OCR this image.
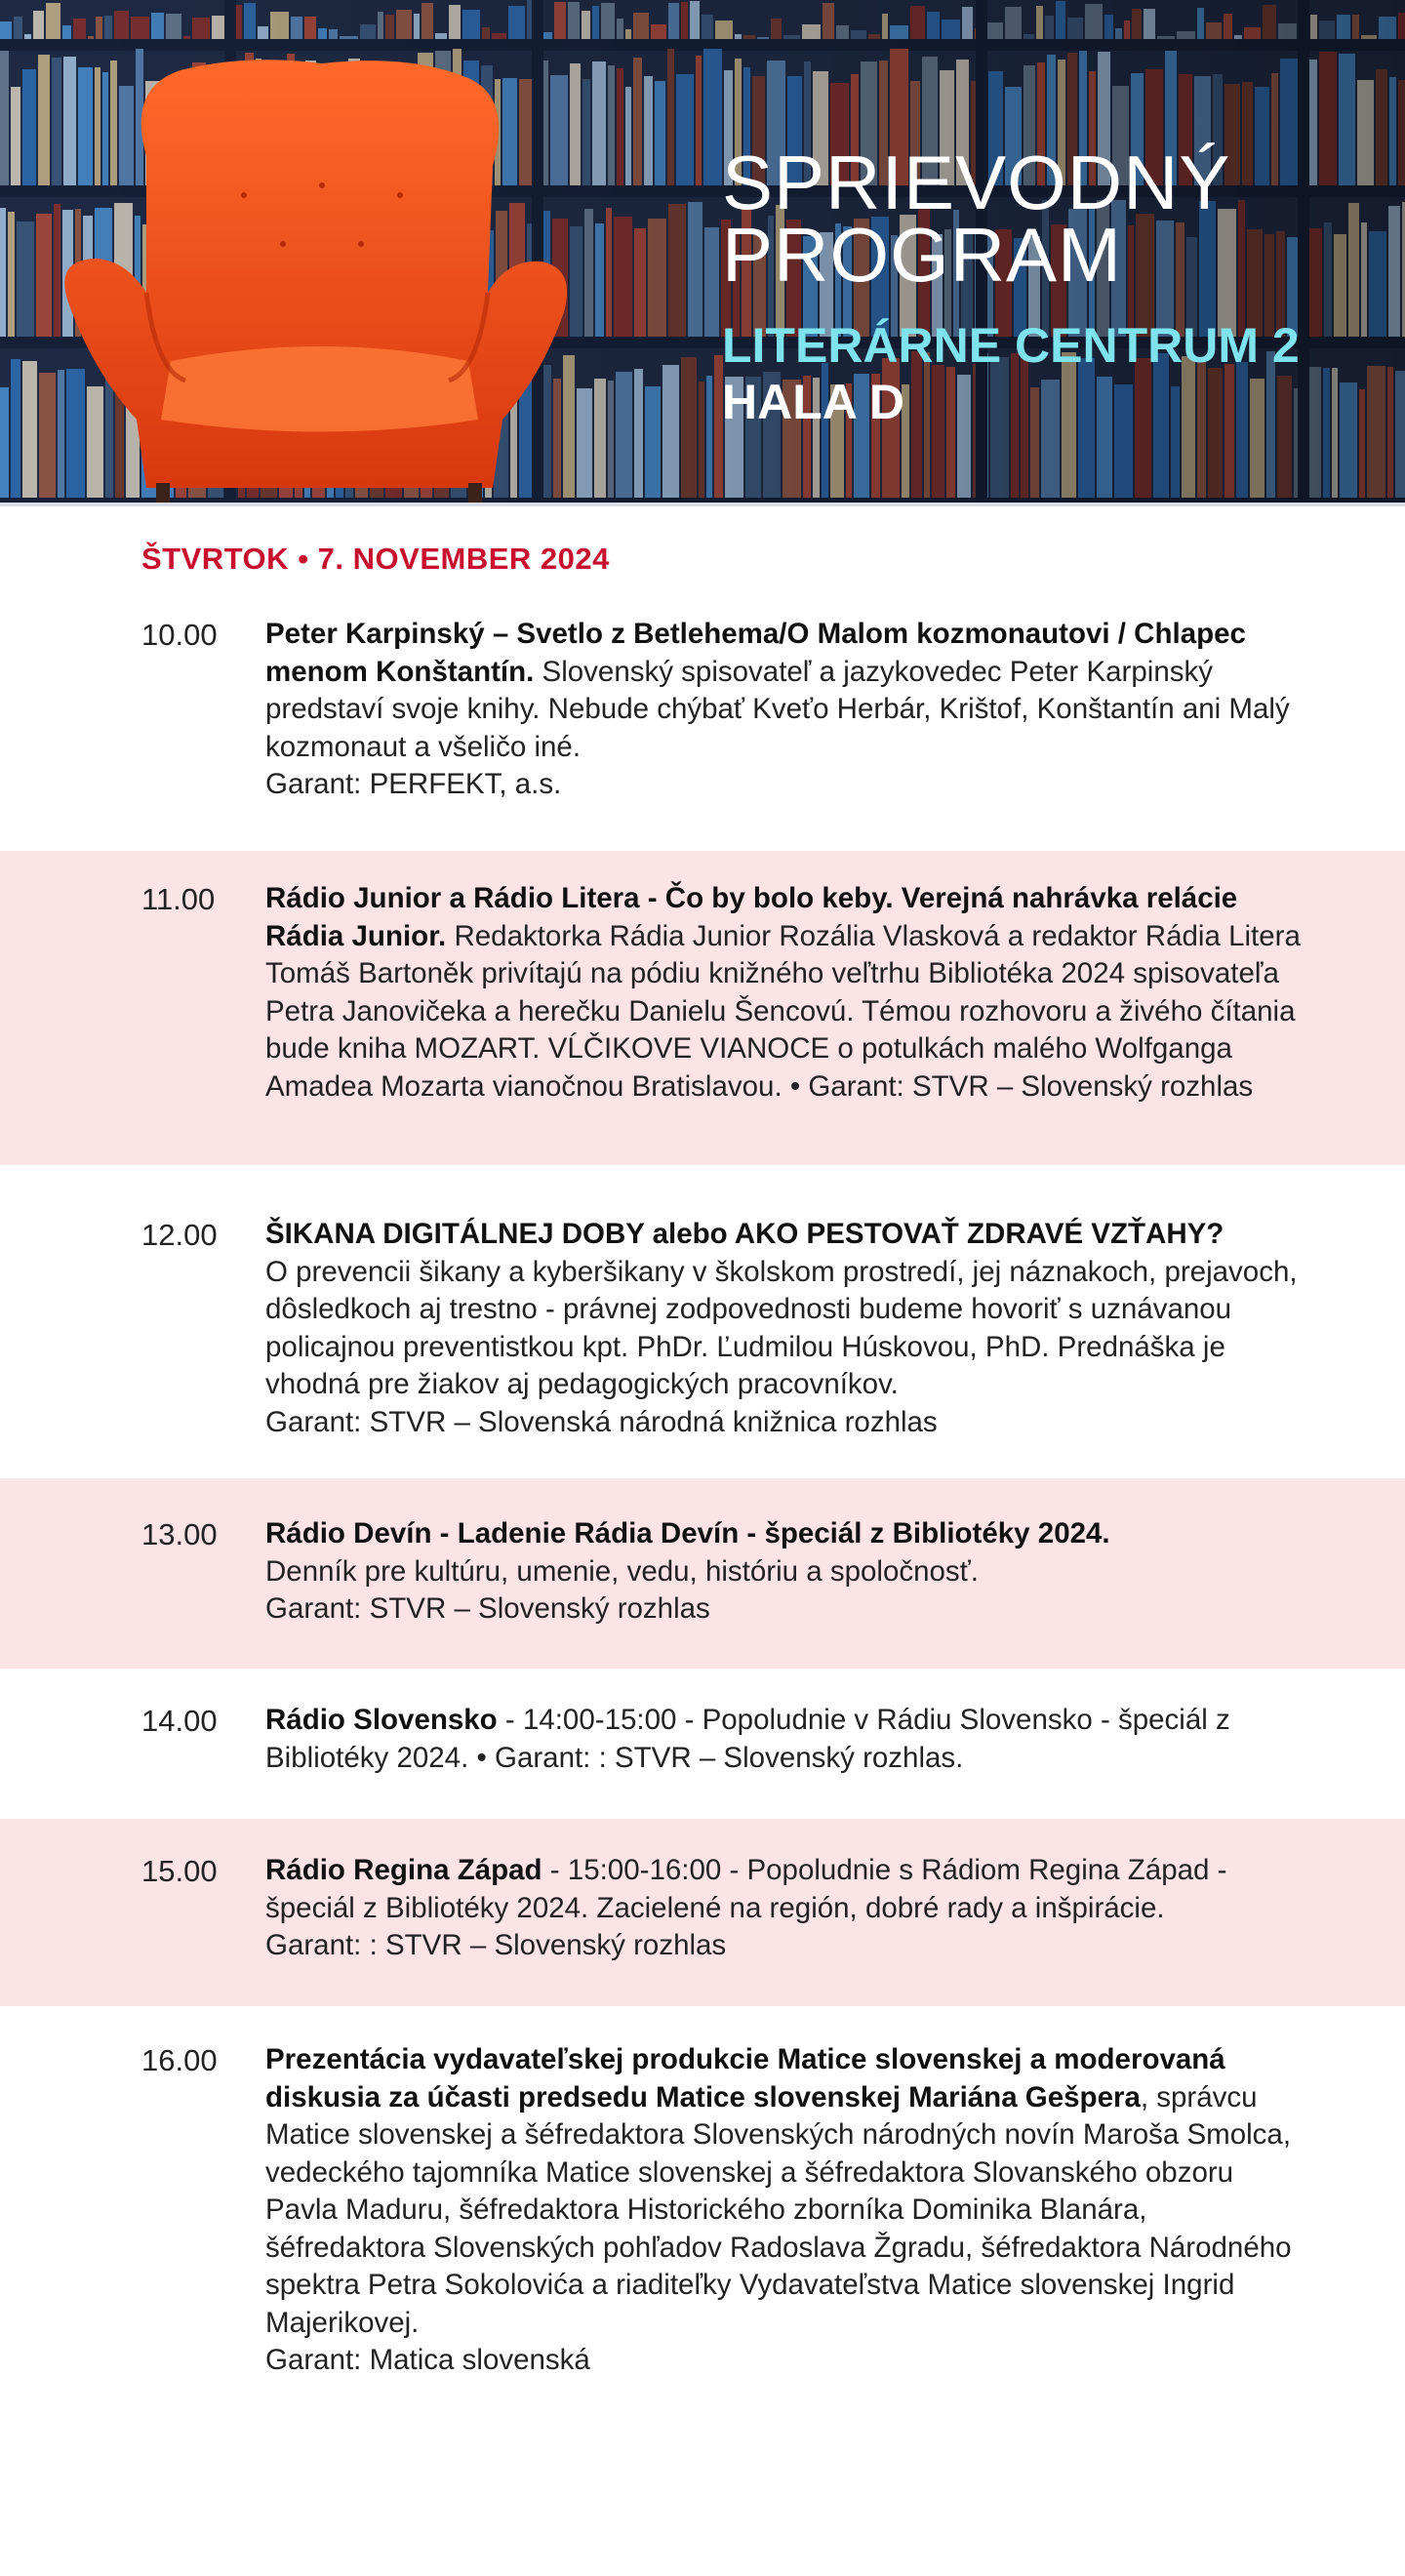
SPRIEVODNÝ
PROGRAM
LITERÁRNE CENTRUM 2
HALA D
ŠTVRTOK • 7. NOVEMBER 2024
10.00 Peter Karpinský – Svetlo z Betlehema/O Malom kozmonautovi / Chlapec menom Konštantín. Slovenský spisovateľ a jazykovedec Peter Karpinský predstaví svoje knihy. Nebude chýbať Kveťo Herbár, Krištof, Konštantín ani Malý kozmonaut a všeličo iné.
Garant: PERFEKT, a.s.
11.00 Rádio Junior a Rádio Litera - Čo by bolo keby. Verejná nahrávka relácie Rádia Junior. Redaktorka Rádia Junior Rozália Vlasková a redaktor Rádia Litera Tomáš Bartoněk privítajú na pódiu knižného veľtrhu Bibliotéka 2024 spisovateľa Petra Janovičeka a herečku Danielu Šencovú. Témou rozhovoru a živého čítania bude kniha MOZART. VĹČIKOVE VIANOCE o potulkách malého Wolfganga Amadea Mozarta vianočnou Bratislavou. • Garant: STVR – Slovenský rozhlas
12.00 ŠIKANA DIGITÁLNEJ DOBY alebo AKO PESTOVAŤ ZDRAVÉ VZŤAHY?
O prevencii šikany a kyberšikany v školskom prostredí, jej náznakoch, prejavoch, dôsledkoch aj trestno - právnej zodpovednosti budeme hovoriť s uznávanou policajnou preventistkou kpt. PhDr. Ľudmilou Húskovou, PhD. Prednáška je vhodná pre žiakov aj pedagogických pracovníkov.
Garant: STVR – Slovenská národná knižnica rozhlas
13.00 Rádio Devín - Ladenie Rádia Devín - špeciál z Bibliotéky 2024.
Denník pre kultúru, umenie, vedu, históriu a spoločnosť.
Garant: STVR – Slovenský rozhlas
14.00 Rádio Slovensko - 14:00-15:00 - Popoludnie v Rádiu Slovensko - špeciál z Bibliotéky 2024. • Garant: : STVR – Slovenský rozhlas.
15.00 Rádio Regina Západ - 15:00-16:00 - Popoludnie s Rádiom Regina Západ - špeciál z Bibliotéky 2024. Zacielené na región, dobré rady a inšpirácie.
Garant: : STVR – Slovenský rozhlas
16.00 Prezentácia vydavateľskej produkcie Matice slovenskej a moderovaná diskusia za účasti predsedu Matice slovenskej Mariána Gešpera, správcu Matice slovenskej a šéfredaktora Slovenských národných novín Maroša Smolca, vedeckého tajomníka Matice slovenskej a šéfredaktora Slovanského obzoru Pavla Maduru, šéfredaktora Historického zborníka Dominika Blanára, šéfredaktora Slovenských pohľadov Radoslava Žgradu, šéfredaktora Národného spektra Petra Sokolovića a riaditeľky Vydavateľstva Matice slovenskej Ingrid Majerikovej.
Garant: Matica slovenská
